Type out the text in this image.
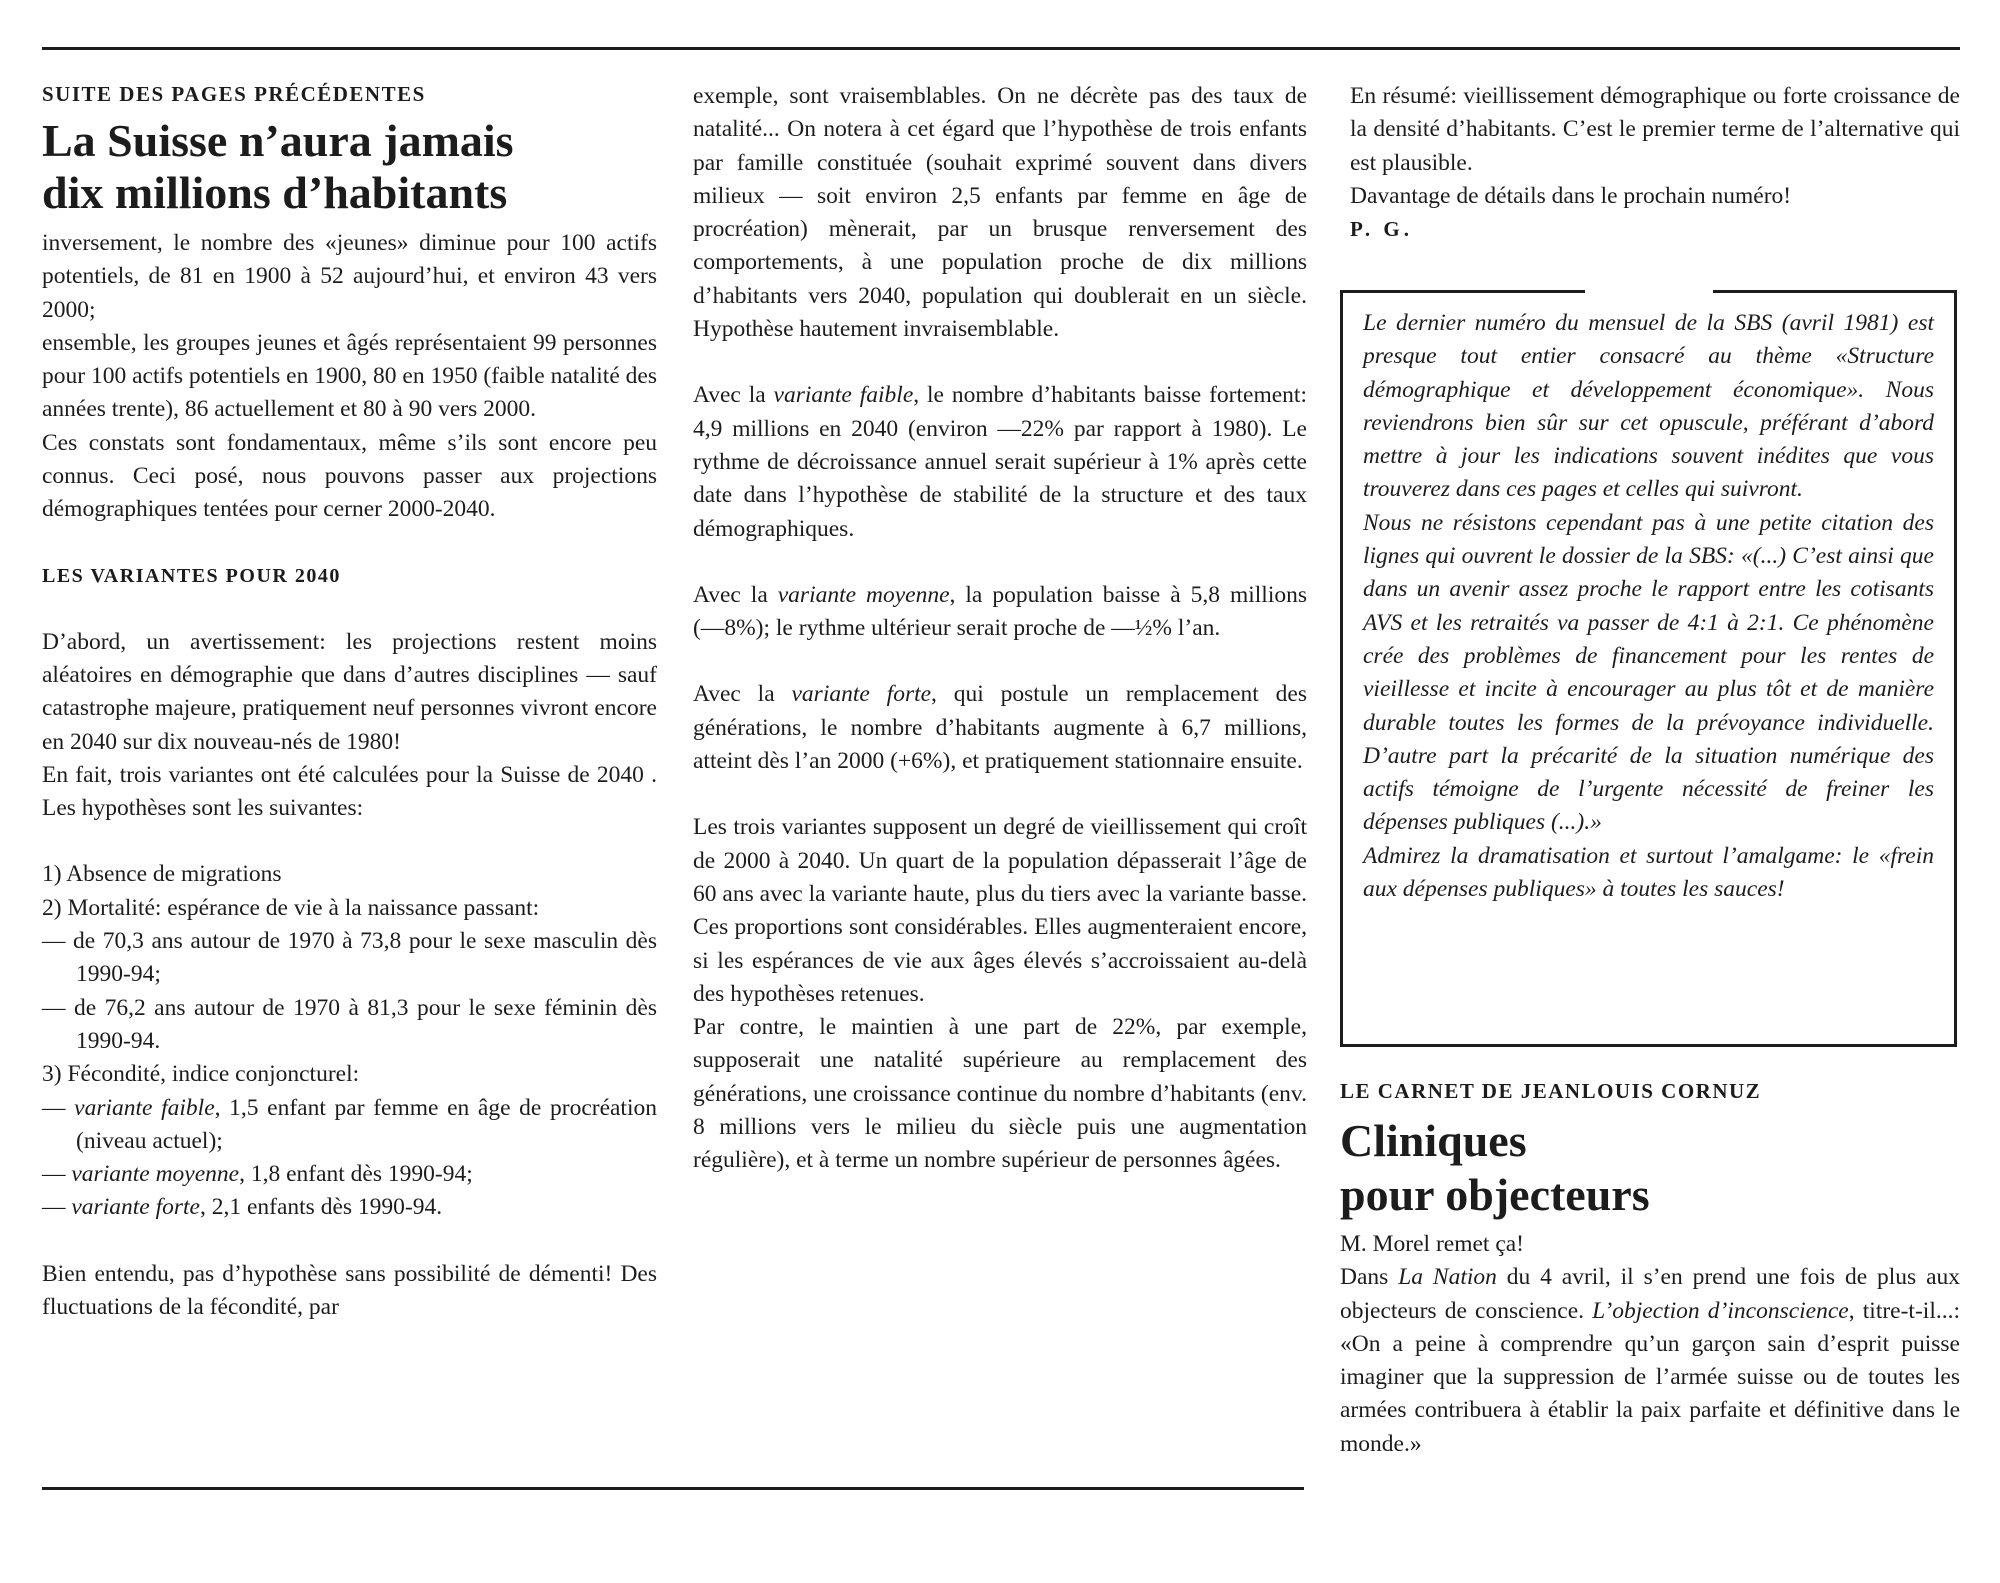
SUITE DES PAGES PRÉCÉDENTES

La Suisse n’aura jamais
dix millions d’habitants

inversement, le nombre des «jeunes» diminue pour 100 actifs potentiels, de 81 en 1900 à 52 aujourd’hui, et environ 43 vers 2000;

ensemble, les groupes jeunes et âgés représentaient 99 personnes pour 100 actifs potentiels en 1900, 80 en 1950 (faible natalité des années trente), 86 actuellement et 80 à 90 vers 2000.

Ces constats sont fondamentaux, même s’ils sont encore peu connus. Ceci posé, nous pouvons passer aux projections démographiques tentées pour cerner 2000-2040.

LES VARIANTES POUR 2040

D’abord, un avertissement: les projections restent moins aléatoires en démographie que dans d’autres disciplines — sauf catastrophe majeure, pratiquement neuf personnes vivront encore en 2040 sur dix nouveau-nés de 1980!

En fait, trois variantes ont été calculées pour la Suisse de 2040 . Les hypothèses sont les suivantes:

1) Absence de migrations
2) Mortalité: espérance de vie à la naissance passant:
— de 70,3 ans autour de 1970 à 73,8 pour le sexe masculin dès 1990-94;
— de 76,2 ans autour de 1970 à 81,3 pour le sexe féminin dès 1990-94.
3) Fécondité, indice conjoncturel:
— variante faible, 1,5 enfant par femme en âge de procréation (niveau actuel);
— variante moyenne, 1,8 enfant dès 1990-94;
— variante forte, 2,1 enfants dès 1990-94.

Bien entendu, pas d’hypothèse sans possibilité de démenti! Des fluctuations de la fécondité, par

exemple, sont vraisemblables. On ne décrète pas des taux de natalité... On notera à cet égard que l’hypothèse de trois enfants par famille constituée (souhait exprimé souvent dans divers milieux — soit environ 2,5 enfants par femme en âge de procréation) mènerait, par un brusque renversement des comportements, à une population proche de dix millions d’habitants vers 2040, population qui doublerait en un siècle. Hypothèse hautement invraisemblable.

Avec la variante faible, le nombre d’habitants baisse fortement: 4,9 millions en 2040 (environ —22% par rapport à 1980). Le rythme de décroissance annuel serait supérieur à 1% après cette date dans l’hypothèse de stabilité de la structure et des taux démographiques.

Avec la variante moyenne, la population baisse à 5,8 millions (—8%); le rythme ultérieur serait proche de —½% l’an.

Avec la variante forte, qui postule un remplacement des générations, le nombre d’habitants augmente à 6,7 millions, atteint dès l’an 2000 (+6%), et pratiquement stationnaire ensuite.

Les trois variantes supposent un degré de vieillissement qui croît de 2000 à 2040. Un quart de la population dépasserait l’âge de 60 ans avec la variante haute, plus du tiers avec la variante basse. Ces proportions sont considérables. Elles augmenteraient encore, si les espérances de vie aux âges élevés s’accroissaient au-delà des hypothèses retenues.

Par contre, le maintien à une part de 22%, par exemple, supposerait une natalité supérieure au remplacement des générations, une croissance continue du nombre d’habitants (env. 8 millions vers le milieu du siècle puis une augmentation régulière), et à terme un nombre supérieur de personnes âgées.

En résumé: vieillissement démographique ou forte croissance de la densité d’habitants. C’est le premier terme de l’alternative qui est plausible.

Davantage de détails dans le prochain numéro!

P. G.

Le dernier numéro du mensuel de la SBS (avril 1981) est presque tout entier consacré au thème «Structure démographique et développement économique». Nous reviendrons bien sûr sur cet opuscule, préférant d’abord mettre à jour les indications souvent inédites que vous trouverez dans ces pages et celles qui suivront.

Nous ne résistons cependant pas à une petite citation des lignes qui ouvrent le dossier de la SBS: «(...) C’est ainsi que dans un avenir assez proche le rapport entre les cotisants AVS et les retraités va passer de 4:1 à 2:1. Ce phénomène crée des problèmes de financement pour les rentes de vieillesse et incite à encourager au plus tôt et de manière durable toutes les formes de la prévoyance individuelle. D’autre part la précarité de la situation numérique des actifs témoigne de l’urgente nécessité de freiner les dépenses publiques (...).»

Admirez la dramatisation et surtout l’amalgame: le «frein aux dépenses publiques» à toutes les sauces!

LE CARNET DE JEANLOUIS CORNUZ

Cliniques
pour objecteurs

M. Morel remet ça!

Dans La Nation du 4 avril, il s’en prend une fois de plus aux objecteurs de conscience. L’objection d’inconscience, titre-t-il...: «On a peine à comprendre qu’un garçon sain d’esprit puisse imaginer que la suppression de l’armée suisse ou de toutes les armées contribuera à établir la paix parfaite et définitive dans le monde.»
